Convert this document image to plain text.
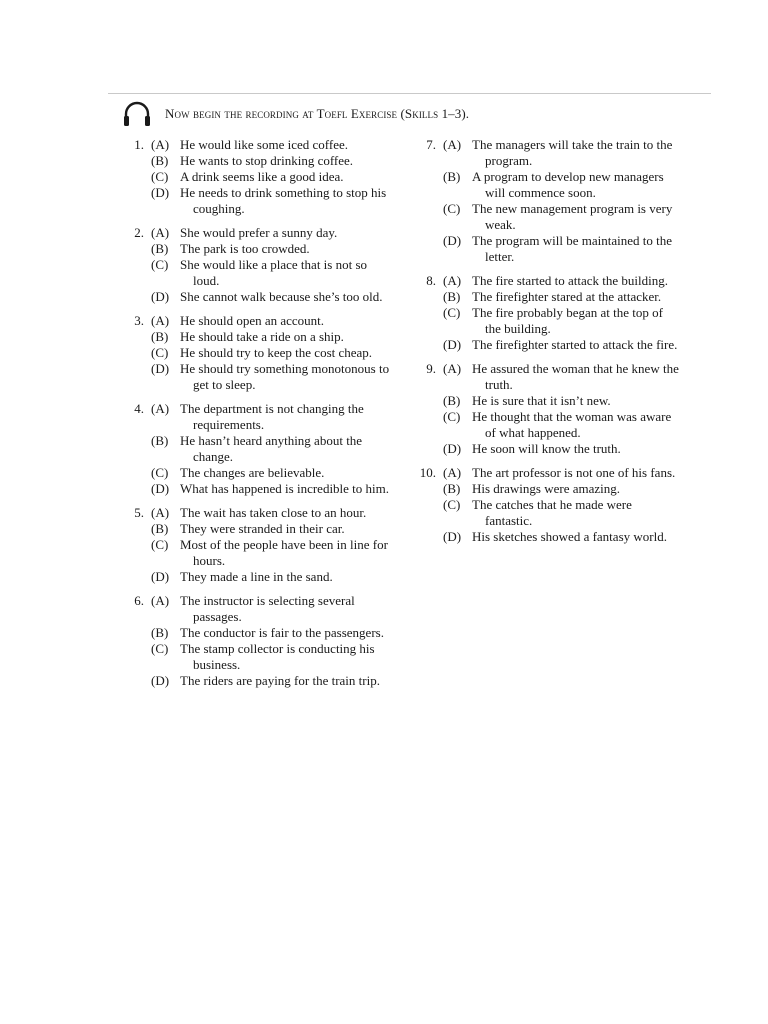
Now begin the recording at Toefl Exercise (Skills 1–3).
1. (A) He would like some iced coffee.
(B) He wants to stop drinking coffee.
(C) A drink seems like a good idea.
(D) He needs to drink something to stop his coughing.
2. (A) She would prefer a sunny day.
(B) The park is too crowded.
(C) She would like a place that is not so loud.
(D) She cannot walk because she’s too old.
3. (A) He should open an account.
(B) He should take a ride on a ship.
(C) He should try to keep the cost cheap.
(D) He should try something monotonous to get to sleep.
4. (A) The department is not changing the requirements.
(B) He hasn’t heard anything about the change.
(C) The changes are believable.
(D) What has happened is incredible to him.
5. (A) The wait has taken close to an hour.
(B) They were stranded in their car.
(C) Most of the people have been in line for hours.
(D) They made a line in the sand.
6. (A) The instructor is selecting several passages.
(B) The conductor is fair to the passengers.
(C) The stamp collector is conducting his business.
(D) The riders are paying for the train trip.
7. (A) The managers will take the train to the program.
(B) A program to develop new managers will commence soon.
(C) The new management program is very weak.
(D) The program will be maintained to the letter.
8. (A) The fire started to attack the building.
(B) The firefighter stared at the attacker.
(C) The fire probably began at the top of the building.
(D) The firefighter started to attack the fire.
9. (A) He assured the woman that he knew the truth.
(B) He is sure that it isn’t new.
(C) He thought that the woman was aware of what happened.
(D) He soon will know the truth.
10. (A) The art professor is not one of his fans.
(B) His drawings were amazing.
(C) The catches that he made were fantastic.
(D) His sketches showed a fantasy world.
